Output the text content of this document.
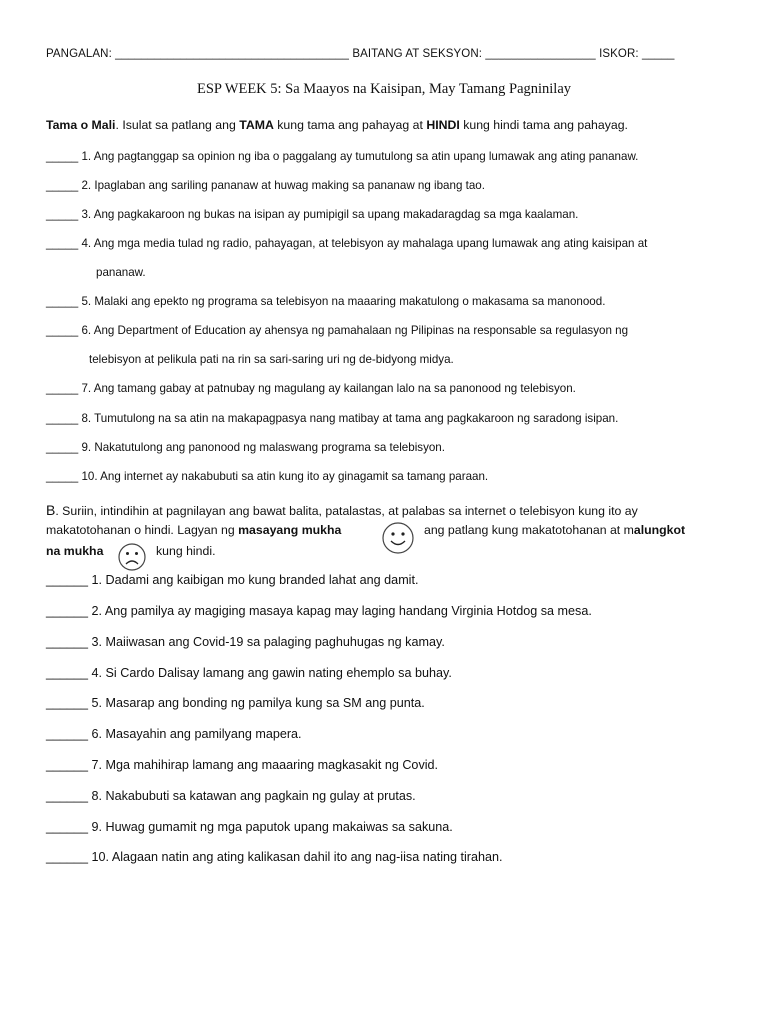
PANGALAN: ____________________________________ BAITANG AT SEKSYON: _________________ ISKOR: _____
ESP WEEK 5: Sa Maayos na Kaisipan, May Tamang Pagninilay
Tama o Mali. Isulat sa patlang ang TAMA kung tama ang pahayag at HINDI kung hindi tama ang pahayag.
_____ 1. Ang pagtanggap sa opinion ng iba o paggalang ay tumutulong sa atin upang lumawak ang ating pananaw.
_____ 2. Ipaglaban ang sariling pananaw at huwag making sa pananaw ng ibang tao.
_____ 3. Ang pagkakaroon ng bukas na isipan ay pumipigil sa upang makadaragdag sa mga kaalaman.
_____ 4. Ang mga media tulad ng radio, pahayagan, at telebisyon ay mahalaga upang lumawak ang ating kaisipan at
pananaw.
_____ 5. Malaki ang epekto ng programa sa telebisyon na maaaring makatulong o makasama sa manonood.
_____ 6. Ang Department of Education ay ahensya ng pamahalaan ng Pilipinas na responsable sa regulasyon ng
telebisyon at pelikula pati na rin sa sari-saring uri ng de-bidyong midya.
_____ 7. Ang tamang gabay at patnubay ng magulang ay kailangan lalo na sa panonood ng telebisyon.
_____ 8. Tumutulong na sa atin na makapagpasya nang matibay at tama ang pagkakaroon ng saradong isipan.
_____ 9. Nakatutulong ang panonood ng malaswang programa sa telebisyon.
_____ 10. Ang internet ay nakabubuti sa atin kung ito ay ginagamit sa tamang paraan.
B. Suriin, intindihin at pagnilayan ang bawat balita, patalastas, at palabas sa internet o telebisyon kung ito ay
makatotohanan o hindi. Lagyan ng masayang mukha	ang patlang kung makatotohanan at malungkot
na mukha	kung hindi.
______ 1. Dadami ang kaibigan mo kung branded lahat ang damit.
______ 2. Ang pamilya ay magiging masaya kapag may laging handang Virginia Hotdog sa mesa.
______ 3. Maiiwasan ang Covid-19 sa palaging paghuhugas ng kamay.
______ 4. Si Cardo Dalisay lamang ang gawin nating ehemplo sa buhay.
______ 5. Masarap ang bonding ng pamilya kung sa SM ang punta.
______ 6. Masayahin ang pamilyang mapera.
______ 7. Mga mahihirap lamang ang maaaring magkasakit ng Covid.
______ 8. Nakabubuti sa katawan ang pagkain ng gulay at prutas.
______ 9. Huwag gumamit ng mga paputok upang makaiwas sa sakuna.
______ 10. Alagaan natin ang ating kalikasan dahil ito ang nag-iisa nating tirahan.
